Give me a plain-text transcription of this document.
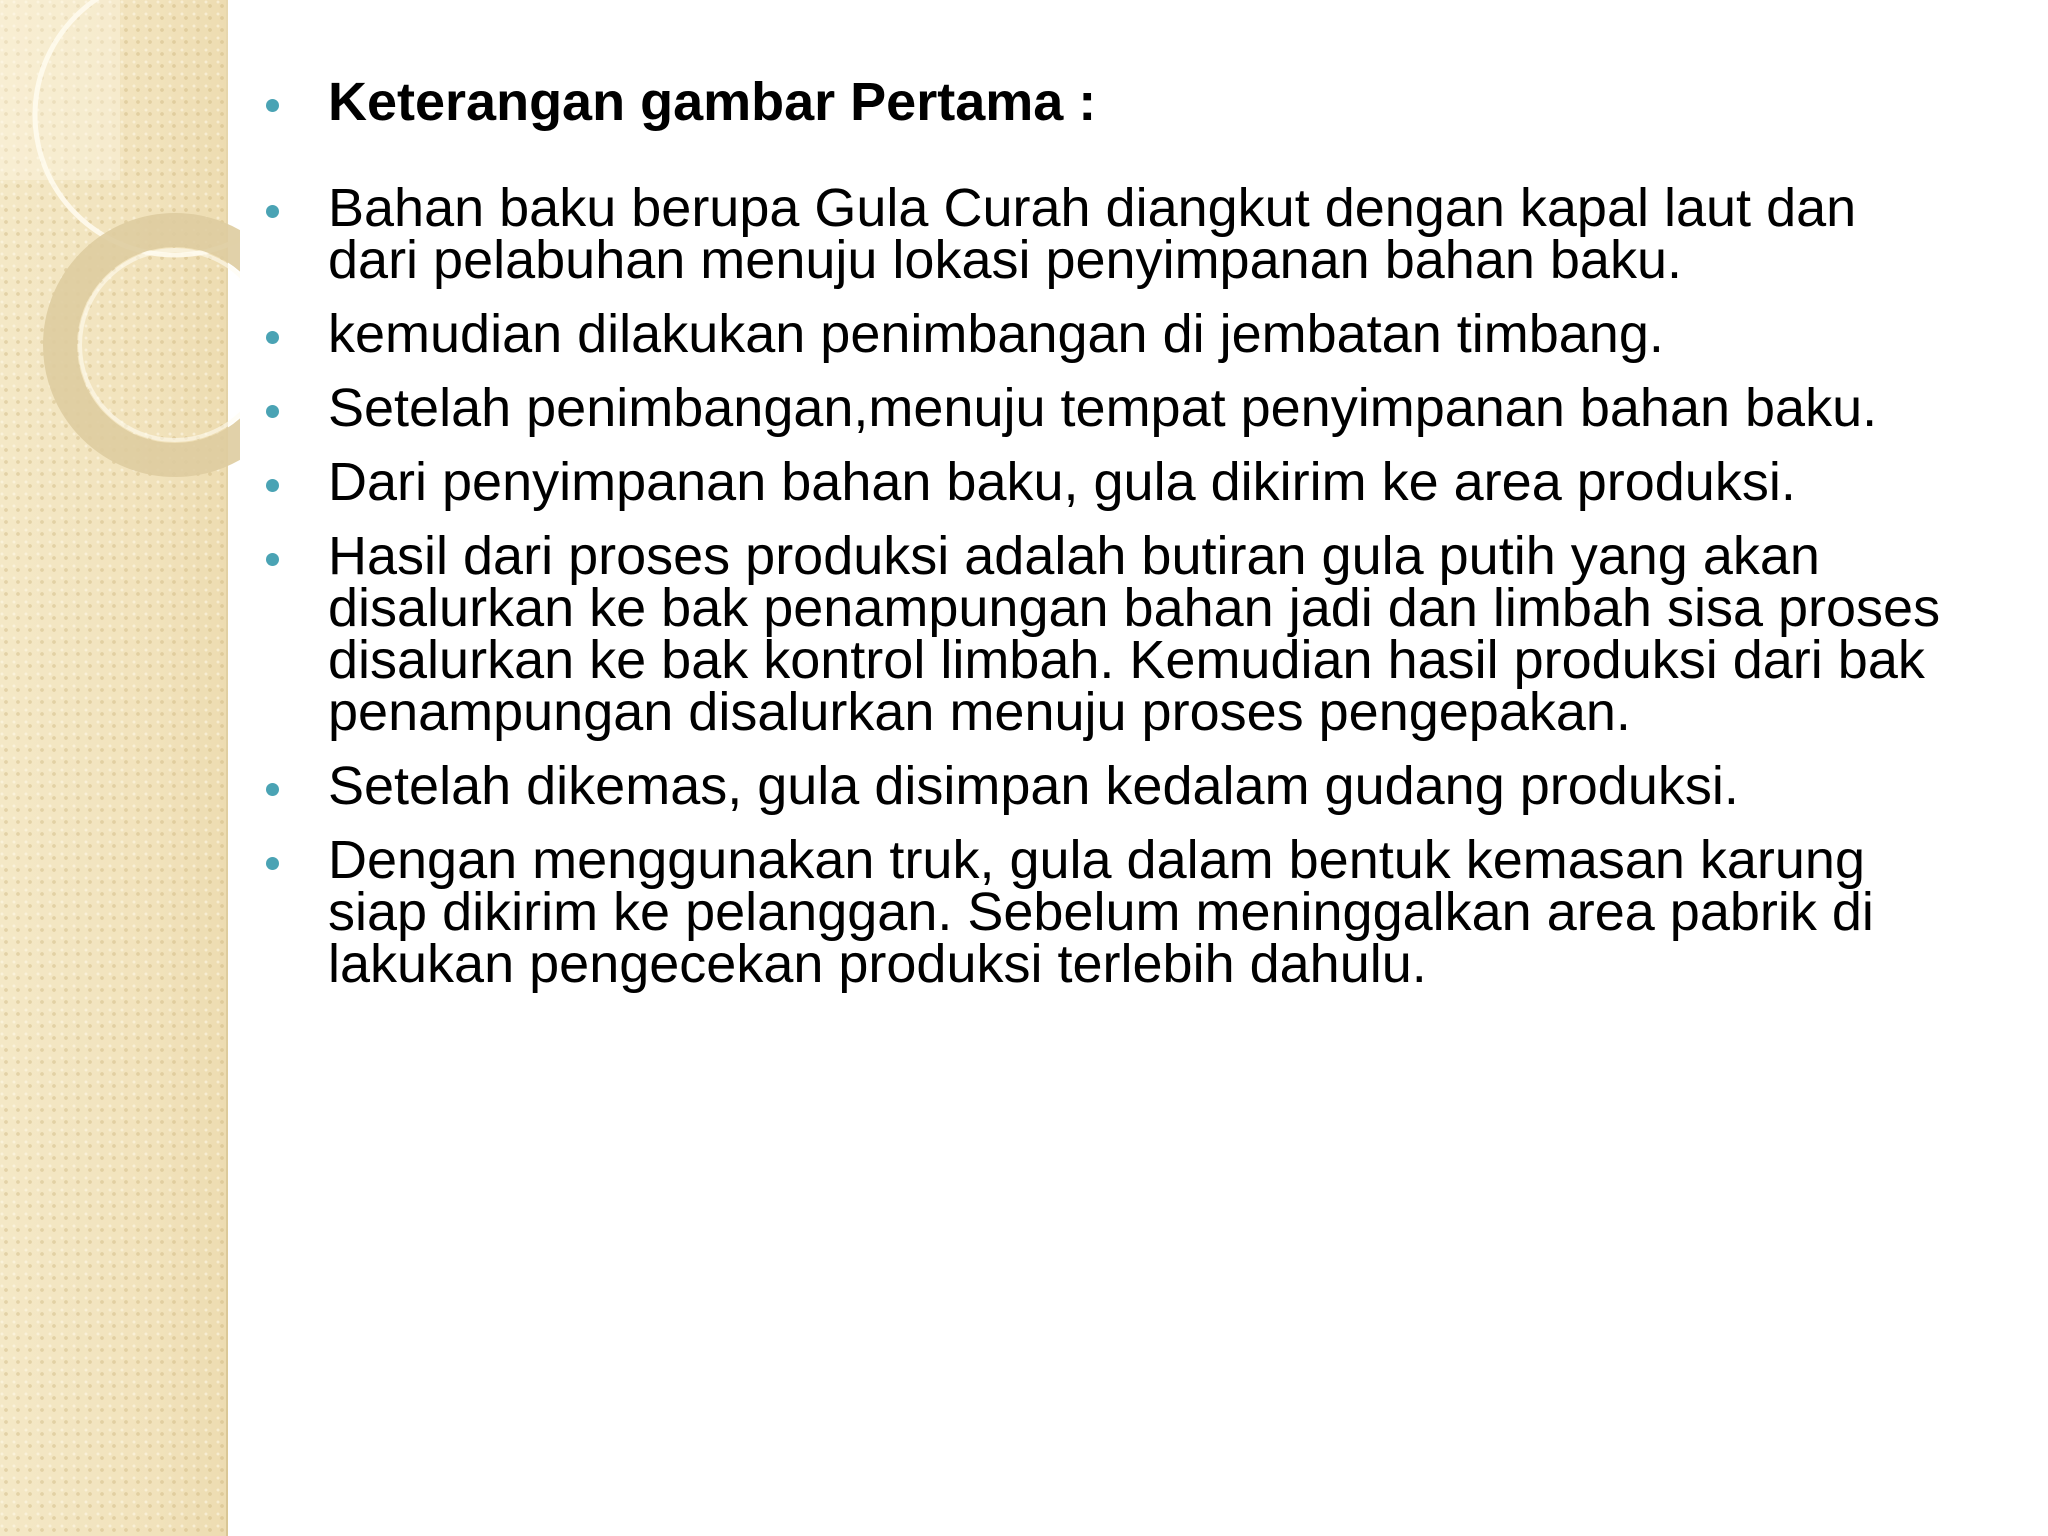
Keterangan gambar Pertama :
Bahan baku berupa Gula Curah diangkut dengan kapal laut dan dari pelabuhan menuju lokasi penyimpanan bahan baku.
kemudian dilakukan penimbangan di jembatan timbang.
Setelah penimbangan,menuju tempat penyimpanan bahan baku.
Dari penyimpanan bahan baku, gula dikirim ke area produksi.
Hasil dari proses produksi adalah butiran gula putih yang akan disalurkan ke bak penampungan bahan jadi dan limbah sisa proses disalurkan ke bak kontrol limbah. Kemudian hasil produksi dari bak penampungan disalurkan menuju proses pengepakan.
Setelah dikemas, gula disimpan kedalam gudang produksi.
Dengan menggunakan truk, gula dalam bentuk kemasan karung siap dikirim ke pelanggan. Sebelum meninggalkan area pabrik di lakukan pengecekan produksi terlebih dahulu.
